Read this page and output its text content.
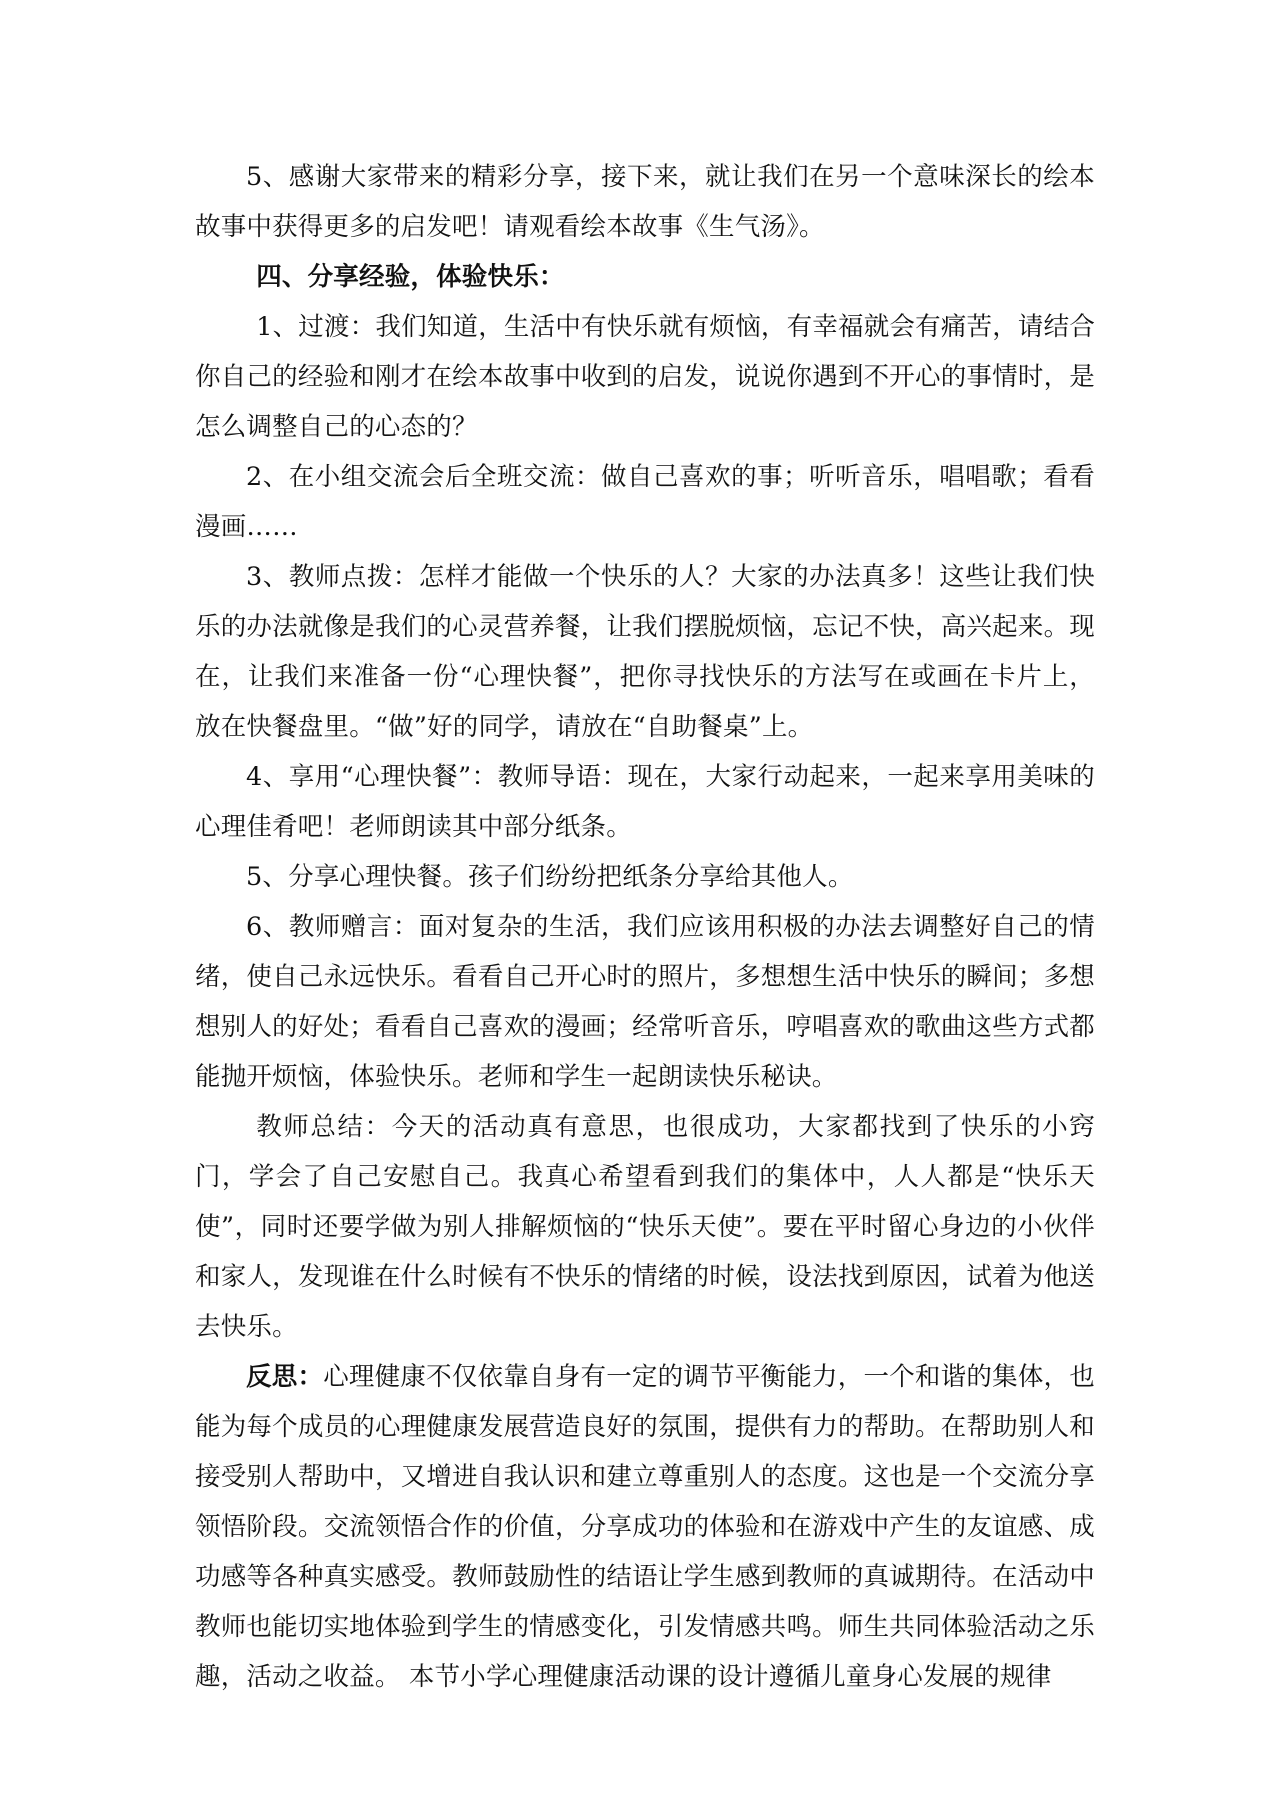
5、感谢大家带来的精彩分享，接下来，就让我们在另一个意味深长的绘本故事中获得更多的启发吧！请观看绘本故事《生气汤》。

四、分享经验，体验快乐：

1、过渡：我们知道，生活中有快乐就有烦恼，有幸福就会有痛苦，请结合你自己的经验和刚才在绘本故事中收到的启发，说说你遇到不开心的事情时，是怎么调整自己的心态的？

2、在小组交流会后全班交流：做自己喜欢的事；听听音乐，唱唱歌；看看漫画……

3、教师点拨：怎样才能做一个快乐的人？大家的办法真多！这些让我们快乐的办法就像是我们的心灵营养餐，让我们摆脱烦恼，忘记不快，高兴起来。现在，让我们来准备一份“心理快餐”，把你寻找快乐的方法写在或画在卡片上，放在快餐盘里。“做”好的同学，请放在“自助餐桌”上。

4、享用“心理快餐”：教师导语：现在，大家行动起来，一起来享用美味的心理佳肴吧！老师朗读其中部分纸条。

5、分享心理快餐。孩子们纷纷把纸条分享给其他人。

6、教师赠言：面对复杂的生活，我们应该用积极的办法去调整好自己的情绪，使自己永远快乐。看看自己开心时的照片，多想想生活中快乐的瞬间；多想想别人的好处；看看自己喜欢的漫画；经常听音乐，哼唱喜欢的歌曲这些方式都能抛开烦恼，体验快乐。老师和学生一起朗读快乐秘诀。

教师总结：今天的活动真有意思，也很成功，大家都找到了快乐的小窍门，学会了自己安慰自己。我真心希望看到我们的集体中，人人都是“快乐天使”，同时还要学做为别人排解烦恼的“快乐天使”。要在平时留心身边的小伙伴和家人，发现谁在什么时候有不快乐的情绪的时候，设法找到原因，试着为他送去快乐。

反思：心理健康不仅依靠自身有一定的调节平衡能力，一个和谐的集体，也能为每个成员的心理健康发展营造良好的氛围，提供有力的帮助。在帮助别人和接受别人帮助中，又增进自我认识和建立尊重别人的态度。这也是一个交流分享领悟阶段。交流领悟合作的价值，分享成功的体验和在游戏中产生的友谊感、成功感等各种真实感受。教师鼓励性的结语让学生感到教师的真诚期待。在活动中教师也能切实地体验到学生的情感变化，引发情感共鸣。师生共同体验活动之乐趣，活动之收益。 本节小学心理健康活动课的设计遵循儿童身心发展的规律
